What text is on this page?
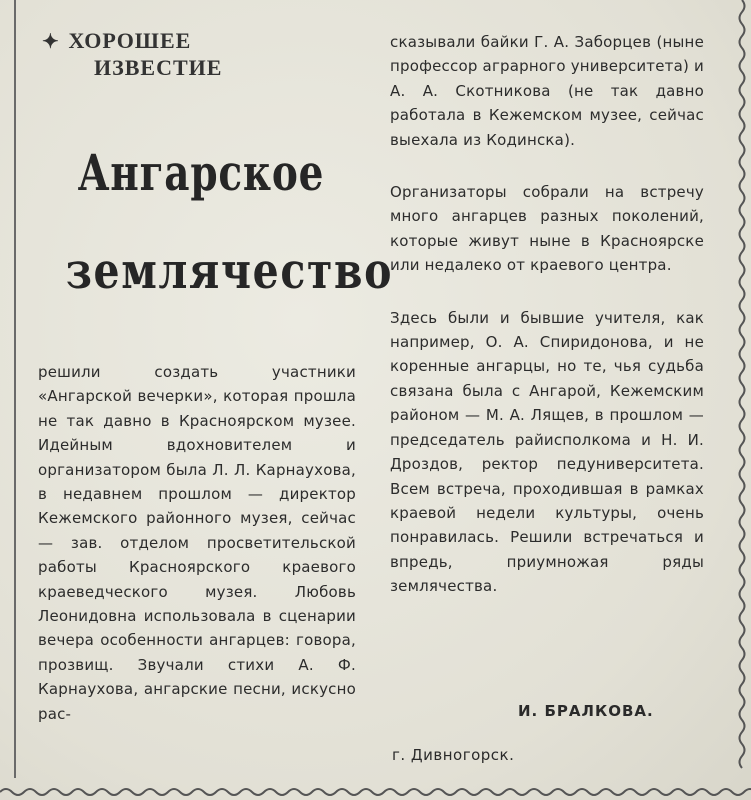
✦ ХОРОШЕЕ
ИЗВЕСТИЕ
Ангарское
землячество

решили создать участники «Ангарской вечерки», которая прошла не так давно в Красноярском музее. Идейным вдохновителем и организатором была Л. Л. Карнаухова, в недавнем прошлом — директор Кежемского районного музея, сейчас — зав. отделом просветительской работы Красноярского краевого краеведческого музея. Любовь Леонидовна использовала в сценарии вечера особенности ангарцев: говора, прозвищ. Звучали стихи А. Ф. Карнаухова, ангарские песни, искусно рас-

сказывали байки Г. А. Заборцев (ныне профессор аграрного университета) и А. А. Скотникова (не так давно работала в Кежемском музее, сейчас выехала из Кодинска).

Организаторы собрали на встречу много ангарцев разных поколений, которые живут ныне в Красноярске или недалеко от краевого центра.

Здесь были и бывшие учителя, как например, О. А. Спиридонова, и не коренные ангарцы, но те, чья судьба связана была с Ангарой, Кежемским районом — М. А. Лящев, в прошлом — председатель райисполкома и Н. И. Дроздов, ректор педуниверситета. Всем встреча, проходившая в рамках краевой недели культуры, очень понравилась. Решили встречаться и впредь, приумножая ряды землячества.

И. БРАЛКОВА.
г. Дивногорск.
